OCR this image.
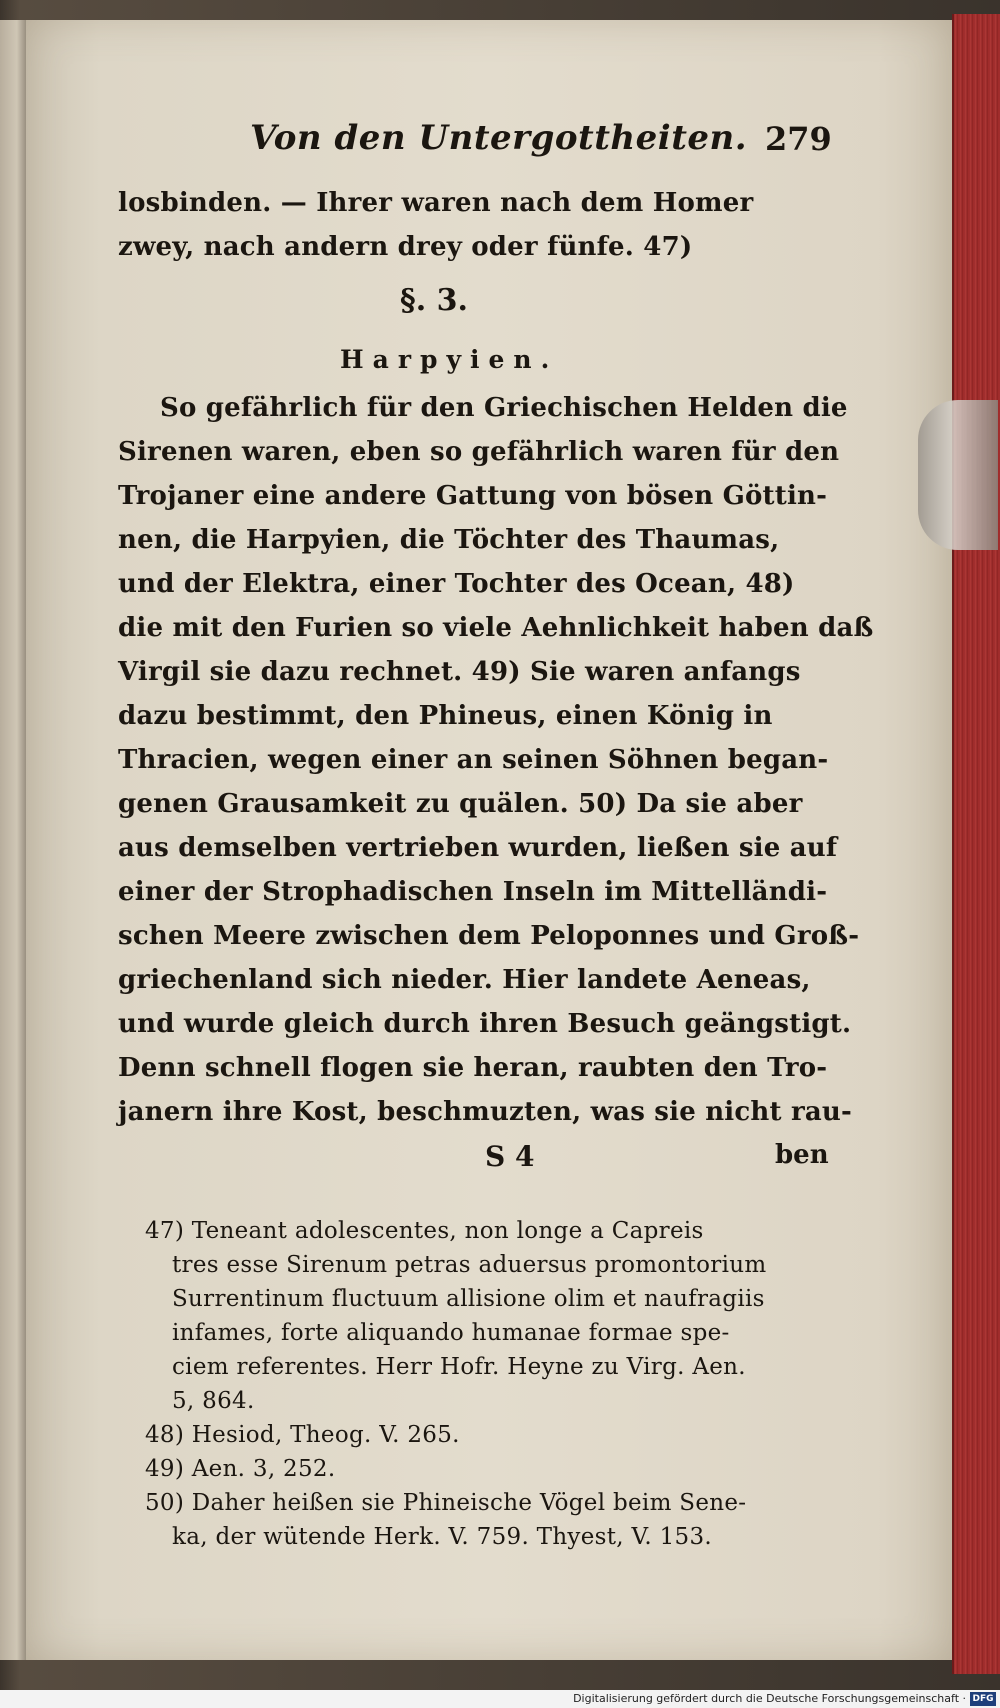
Von den Untergottheiten. 279
losbinden. — Ihrer waren nach dem Homer
zwey, nach andern drey oder fünfe. 47)
§. 3.
Harpyien.
So gefährlich für den Griechischen Helden die
Sirenen waren, eben so gefährlich waren für den
Trojaner eine andere Gattung von bösen Göttin-
nen, die Harpyien, die Töchter des Thaumas,
und der Elektra, einer Tochter des Ocean, 48)
die mit den Furien so viele Aehnlichkeit haben daß
Virgil sie dazu rechnet. 49) Sie waren anfangs
dazu bestimmt, den Phineus, einen König in
Thracien, wegen einer an seinen Söhnen began-
genen Grausamkeit zu quälen. 50) Da sie aber
aus demselben vertrieben wurden, ließen sie auf
einer der Strophadischen Inseln im Mittelländi-
schen Meere zwischen dem Peloponnes und Groß-
griechenland sich nieder. Hier landete Aeneas,
und wurde gleich durch ihren Besuch geängstigt.
Denn schnell flogen sie heran, raubten den Tro-
janern ihre Kost, beschmuzten, was sie nicht rau-
S 4	ben
47) Teneant adolescentes, non longe a Capreis
tres esse Sirenum petras aduersus promontorium
Surrentinum fluctuum allisione olim et naufragiis
infames, forte aliquando humanae formae spe-
ciem referentes. Herr Hofr. Heyne zu Virg. Aen.
5, 864.
48) Hesiod, Theog. V. 265.
49) Aen. 3, 252.
50) Daher heißen sie Phineische Vögel beim Sene-
ka, der wütende Herk. V. 759. Thyest, V. 153.
Digitalisierung gefördert durch die Deutsche Forschungsgemeinschaft · DFG
